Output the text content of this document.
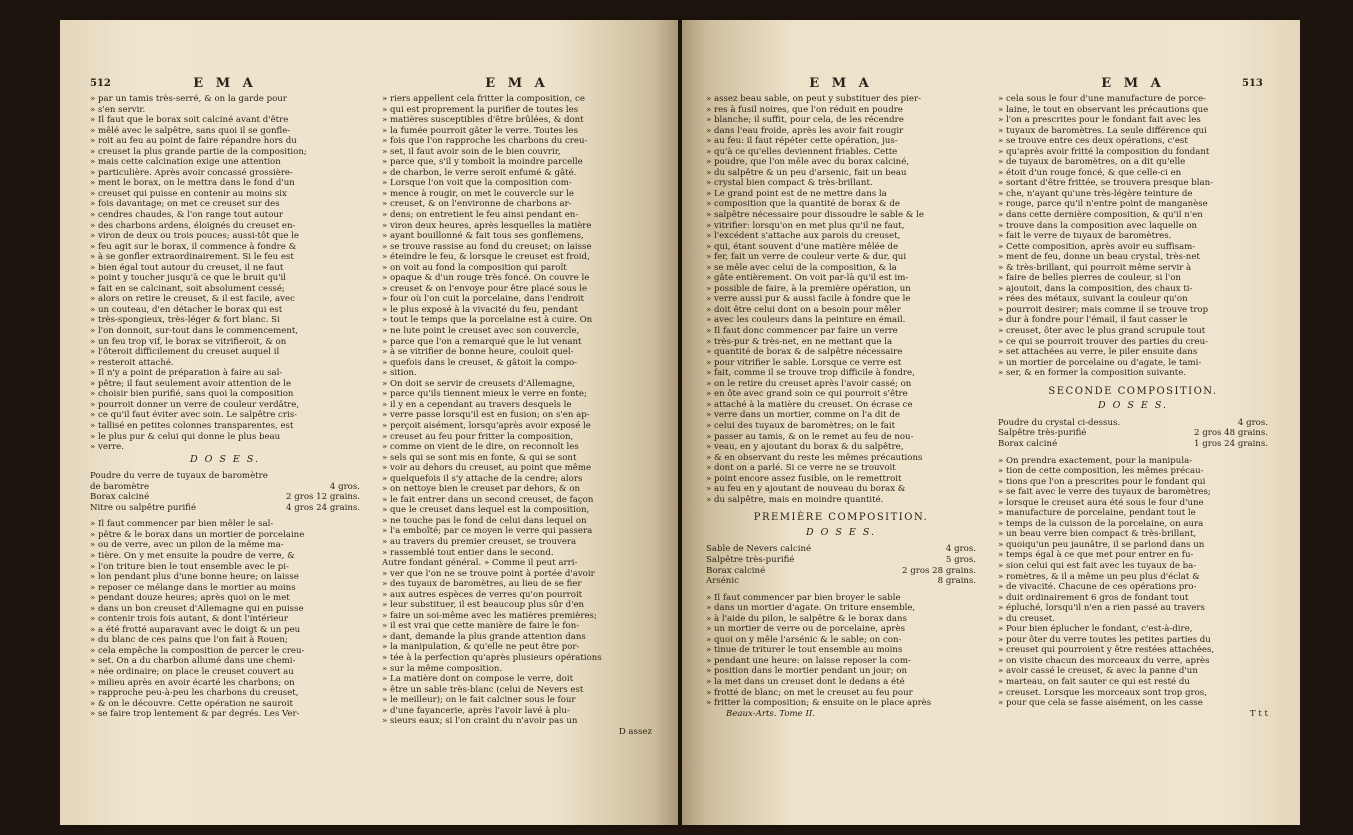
512	E M A	E M A

» par un tamis très-serré, & on la garde pour

» s'en servir.

» Il faut que le borax soit calciné avant d'être

» mêlé avec le salpêtre, sans quoi il se gonfle-

» roit au feu au point de faire répandre hors du

» creuset la plus grande partie de la composition;

» mais cette calcination exige une attention

» particulière. Après avoir concassé grossière-

» ment le borax, on le mettra dans le fond d'un

» creuset qui puisse en contenir au moins six

» fois davantage; on met ce creuset sur des

» cendres chaudes, & l'on range tout autour

» des charbons ardens, éloignés du creuset en-

» viron de deux ou trois pouces; aussi-tôt que le

» feu agit sur le borax, il commence à fondre &

» à se gonfler extraordinairement. Si le feu est

» bien égal tout autour du creuset, il ne faut

» point y toucher jusqu'à ce que le bruit qu'il

» fait en se calcinant, soit absolument cessé;

» alors on retire le creuset, & il est facile, avec

» un couteau, d'en détacher le borax qui est

» très-spongieux, très-léger & fort blanc. Si

» l'on donnoit, sur-tout dans le commencement,

» un feu trop vif, le borax se vitrifieroit, & on

» l'ôteroit difficilement du creuset auquel il

» resteroit attaché.

» Il n'y a point de préparation à faire au sal-

» pêtre; il faut seulement avoir attention de le

» choisir bien purifié, sans quoi la composition

» pourroit donner un verre de couleur verdâtre,

» ce qu'il faut éviter avec soin. Le salpêtre cris-

» tallisé en petites colonnes transparentes, est

» le plus pur & celui qui donne le plus beau

» verre.

D O S E S.

Poudre du verre de tuyaux de baromètre

de baromètre	4 gros.
Borax calciné	2 gros 12 grains.
Nitre ou salpêtre purifié	4 gros 24 grains.

» Il faut commencer par bien mêler le sal-

» pêtre & le borax dans un mortier de porcelaine

» ou de verre, avec un pilon de la même ma-

» tière. On y met ensuite la poudre de verre, &

» l'on triture bien le tout ensemble avec le pi-

» lon pendant plus d'une bonne heure; on laisse

» reposer ce mélange dans le mortier au moins

» pendant douze heures; après quoi on le met

» dans un bon creuset d'Allemagne qui en puisse

» contenir trois fois autant, & dont l'intérieur

» a été frotté auparavant avec le doigt & un peu

» du blanc de ces pains que l'on fait à Rouen;

» cela empêche la composition de percer le creu-

» set. On a du charbon allumé dans une chemi-

» née ordinaire; on place le creuset couvert au

» milieu après en avoir écarté les charbons; on

» rapproche peu-à-peu les charbons du creuset,

» & on le découvre. Cette opération ne sauroit

» se faire trop lentement & par degrés. Les Ver-

» riers appellent cela fritter la composition, ce

» qui est proprement la purifier de toutes les

» matières susceptibles d'être brûlées, & dont

» la fumée pourroit gâter le verre. Toutes les

» fois que l'on rapproche les charbons du creu-

» set, il faut avoir soin de le bien couvrir,

» parce que, s'il y tomboit la moindre parcelle

» de charbon, le verre seroit enfumé & gâté.

» Lorsque l'on voit que la composition com-

» mence à rougir, on met le couvercle sur le

» creuset, & on l'environne de charbons ar-

» dens; on entretient le feu ainsi pendant en-

» viron deux heures, après lesquelles la matière

» ayant bouillonné & fait tous ses gonflemens,

» se trouve rassise au fond du creuset; on laisse

» éteindre le feu, & lorsque le creuset est froid,

» on voit au fond la composition qui paroît

» opaque & d'un rouge très foncé. On couvre le

» creuset & on l'envoye pour être placé sous le

» four où l'on cuit la porcelaine, dans l'endroit

» le plus exposé à la vivacité du feu, pendant

» tout le temps que la porcelaine est à cuire. On

» ne lute point le creuset avec son couvercle,

» parce que l'on a remarqué que le lut venant

» à se vitrifier de bonne heure, couloit quel-

» quefois dans le creuset, & gâtoit la compo-

» sition.

» On doit se servir de creusets d'Allemagne,

» parce qu'ils tiennent mieux le verre en fonte;

» il y en a cependant au travers desquels le

» verre passe lorsqu'il est en fusion; on s'en ap-

» perçoit aisément, lorsqu'après avoir exposé le

» creuset au feu pour fritter la composition,

» comme on vient de le dire, on reconnoît les

» sels qui se sont mis en fonte, & qui se sont

» voir au dehors du creuset, au point que même

» quelquefois il s'y attache de la cendre; alors

» on nettoye bien le creuset par dehors, & on

» le fait entrer dans un second creuset, de façon

» que le creuset dans lequel est la composition,

» ne touche pas le fond de celui dans lequel on

» l'a emboîté; par ce moyen le verre qui passera

» au travers du premier creuset, se trouvera

» rassemblé tout entier dans le second.

Autre fondant général. » Comme il peut arri-

» ver que l'on ne se trouve point à portée d'avoir

» des tuyaux de baromètres, au lieu de se fier

» aux autres espèces de verres qu'on pourroit

» leur substituer, il est beaucoup plus sûr d'en

» faire un soi-même avec les matières premières;

» il est vrai que cette manière de faire le fon-

» dant, demande la plus grande attention dans

» la manipulation, & qu'elle ne peut être por-

» tée à la perfection qu'après plusieurs opérations

» sur la même composition.

» La matière dont on compose le verre, doit

» être un sable très-blanc (celui de Nevers est

» le meilleur); on le fait calciner sous le four

» d'une fayancerie, après l'avoir lavé à plu-

» sieurs eaux; si l'on craint du n'avoir pas un

D assez
E M A	E M A	513

» assez beau sable, on peut y substituer des pier-

» res à fusil noires, que l'on réduit en poudre

» blanche; il suffit, pour cela, de les récendre

» dans l'eau froide, après les avoir fait rougir

» au feu: il faut répéter cette opération, jus-

» qu'à ce qu'elles deviennent friables. Cette

» poudre, que l'on mêle avec du borax calciné,

» du salpêtre & un peu d'arsenic, fait un beau

» crystal bien compact & très-brillant.

» Le grand point est de ne mettre dans la

» composition que la quantité de borax & de

» salpêtre nécessaire pour dissoudre le sable & le

» vitrifier: lorsqu'on en met plus qu'il ne faut,

» l'excédent s'attache aux parois du creuset,

» qui, étant souvent d'une matière mêlée de

» fer, fait un verre de couleur verte & dur, qui

» se mêle avec celui de la composition, & la

» gâte entièrement. On voit par-là qu'il est im-

» possible de faire, à la première opération, un

» verre aussi pur & aussi facile à fondre que le

» doit être celui dont on a besoin pour mêler

» avec les couleurs dans la peinture en émail.

» Il faut donc commencer par faire un verre

» très-pur & très-net, en ne mettant que la

» quantité de borax & de salpêtre nécessaire

» pour vitrifier le sable. Lorsque ce verre est

» fait, comme il se trouve trop difficile à fondre,

» on le retire du creuset après l'avoir cassé; on

» en ôte avec grand soin ce qui pourroit s'être

» attaché à la matière du creuset. On écrase ce

» verre dans un mortier, comme on l'a dit de

» celui des tuyaux de baromètres; on le fait

» passer au tamis, & on le remet au feu de nou-

» veau, en y ajoutant du borax & du salpêtre,

» & en observant du reste les mêmes précautions

» dont on a parlé. Si ce verre ne se trouvoit

» point encore assez fusible, on le remettroit

» au feu en y ajoutant de nouveau du borax &

» du salpêtre, mais en moindre quantité.

PREMIÈRE COMPOSITION.
D O S E S.
Sable de Nevers calciné	4 gros.
Salpêtre très-purifié	5 gros.
Borax calciné	2 gros 28 grains.
Arsénic	8 grains.

» Il faut commencer par bien broyer le sable

» dans un mortier d'agate. On triture ensemble,

» à l'aide du pilon, le salpêtre & le borax dans

» un mortier de verre ou de porcelaine, après

» quoi on y mêle l'arsénic & le sable; on con-

» tinue de triturer le tout ensemble au moins

» pendant une heure: on laisse reposer la com-

» position dans le mortier pendant un jour; on

» la met dans un creuset dont le dedans a été

» frotté de blanc; on met le creuset au feu pour

» fritter la composition; & ensuite on le place après

Beaux-Arts. Tome II.

» cela sous le four d'une manufacture de porce-

» laine, le tout en observant les précautions que

» l'on a prescrites pour le fondant fait avec les

» tuyaux de baromètres. La seule différence qui

» se trouve entre ces deux opérations, c'est

» qu'après avoir fritté la composition du fondant

» de tuyaux de baromètres, on a dit qu'elle

» étoit d'un rouge foncé, & que celle-ci en

» sortant d'être frittée, se trouvera presque blan-

» che, n'ayant qu'une très-légère teinture de

» rouge, parce qu'il n'entre point de manganèse

» dans cette dernière composition, & qu'il n'en

» trouve dans la composition avec laquelle on

» fait le verre de tuyaux de baromètres.

» Cette composition, après avoir eu suffisam-

» ment de feu, donne un beau crystal, très-net

» & très-brillant, qui pourroit même servir à

» faire de belles pierres de couleur, si l'on

» ajoutoit, dans la composition, des chaux ti-

» rées des métaux, suivant la couleur qu'on

» pourroit desirer; mais comme il se trouve trop

» dur à fondre pour l'émail, il faut casser le

» creuset, ôter avec le plus grand scrupule tout

» ce qui se pourroit trouver des parties du creu-

» set attachées au verre, le piler ensuite dans

» un mortier de porcelaine ou d'agate, le tami-

» ser, & en former la composition suivante.

SECONDE COMPOSITION.
D O S E S.
Poudre du crystal ci-dessus.	4 gros.
Salpêtre très-purifié	2 gros 48 grains.
Borax calciné	1 gros 24 grains.

» On prendra exactement, pour la manipula-

» tion de cette composition, les mêmes précau-

» tions que l'on a prescrites pour le fondant qui

» se fait avec le verre des tuyaux de baromètres;

» lorsque le creuset aura été sous le four d'une

» manufacture de porcelaine, pendant tout le

» temps de la cuisson de la porcelaine, on aura

» un beau verre bien compact & très-brillant,

» quoiqu'un peu jaunâtre, il se parlond dans un

» temps égal à ce que met pour entrer en fu-

» sion celui qui est fait avec les tuyaux de ba-

» romètres, & il a même un peu plus d'éclat &

» de vivacité. Chacune de ces opérations pro-

» duit ordinairement 6 gros de fondant tout

» épluché, lorsqu'il n'en a rien passé au travers

» du creuset.

» Pour bien éplucher le fondant, c'est-à-dire,

» pour ôter du verre toutes les petites parties du

» creuset qui pourroient y être restées attachées,

» on visite chacun des morceaux du verre, après

» avoir cassé le creuset, & avec la panne d'un

» marteau, on fait sauter ce qui est resté du

» creuset. Lorsque les morceaux sont trop gros,

» pour que cela se fasse aisément, on les casse

T t t
